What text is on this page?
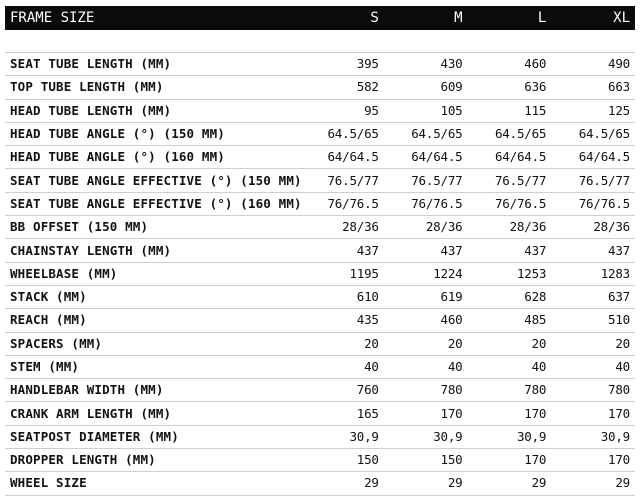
FRAME SIZE	S	M	L	XL

SEAT TUBE LENGTH (MM)	395	430	460	490
TOP TUBE LENGTH (MM)	582	609	636	663
HEAD TUBE LENGTH (MM)	95	105	115	125
HEAD TUBE ANGLE (°) (150 MM)	64.5/65	64.5/65	64.5/65	64.5/65
HEAD TUBE ANGLE (°) (160 MM)	64/64.5	64/64.5	64/64.5	64/64.5
SEAT TUBE ANGLE EFFECTIVE (°) (150 MM)	76.5/77	76.5/77	76.5/77	76.5/77
SEAT TUBE ANGLE EFFECTIVE (°) (160 MM)	76/76.5	76/76.5	76/76.5	76/76.5
BB OFFSET (150 MM)	28/36	28/36	28/36	28/36
CHAINSTAY LENGTH (MM)	437	437	437	437
WHEELBASE (MM)	1195	1224	1253	1283
STACK (MM)	610	619	628	637
REACH (MM)	435	460	485	510
SPACERS (MM)	20	20	20	20
STEM (MM)	40	40	40	40
HANDLEBAR WIDTH (MM)	760	780	780	780
CRANK ARM LENGTH (MM)	165	170	170	170
SEATPOST DIAMETER (MM)	30,9	30,9	30,9	30,9
DROPPER LENGTH (MM)	150	150	170	170
WHEEL SIZE	29	29	29	29
